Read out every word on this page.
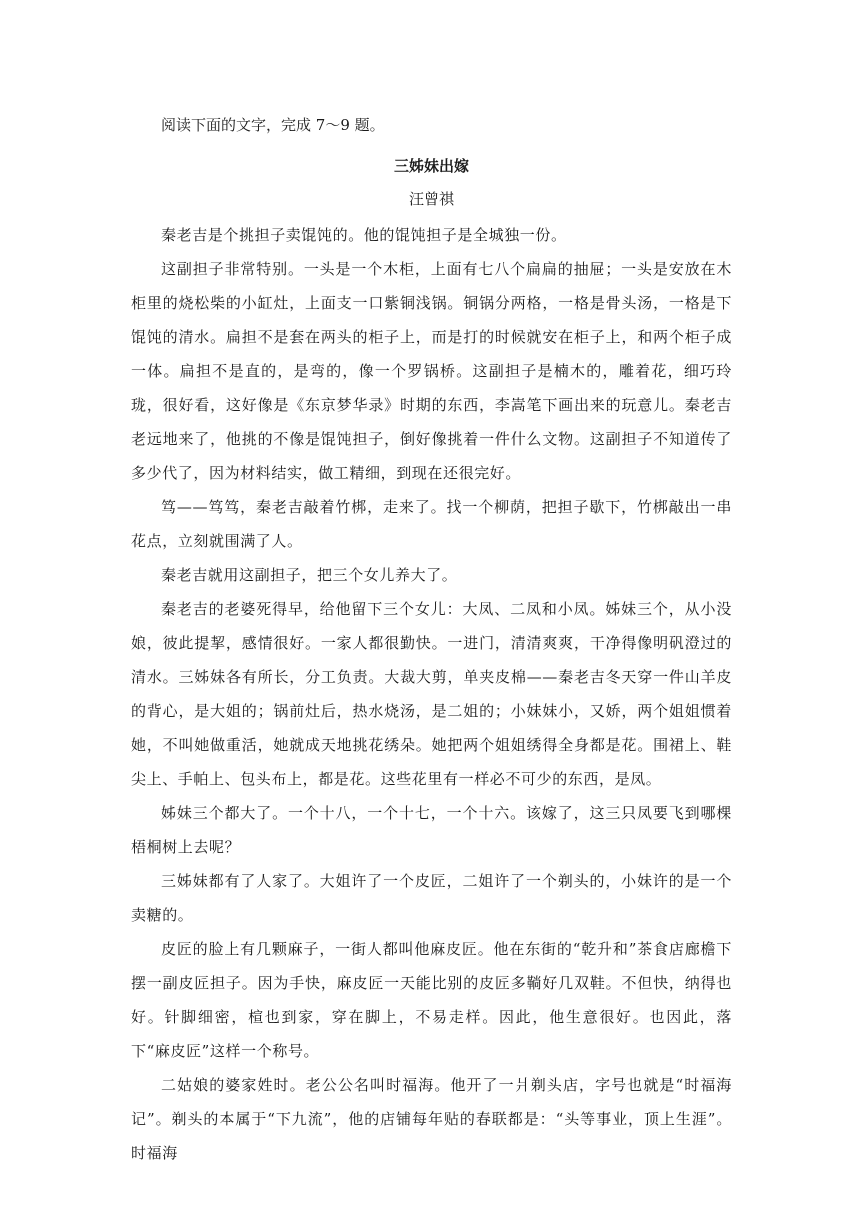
阅读下面的文字，完成 7～9 题。

三姊妹出嫁

汪曾祺

秦老吉是个挑担子卖馄饨的。他的馄饨担子是全城独一份。

这副担子非常特别。一头是一个木柜，上面有七八个扁扁的抽屉；一头是安放在木柜里的烧松柴的小缸灶，上面支一口紫铜浅锅。铜锅分两格，一格是骨头汤，一格是下馄饨的清水。扁担不是套在两头的柜子上，而是打的时候就安在柜子上，和两个柜子成一体。扁担不是直的，是弯的，像一个罗锅桥。这副担子是楠木的，雕着花，细巧玲珑，很好看，这好像是《东京梦华录》时期的东西，李嵩笔下画出来的玩意儿。秦老吉老远地来了，他挑的不像是馄饨担子，倒好像挑着一件什么文物。这副担子不知道传了多少代了，因为材料结实，做工精细，到现在还很完好。

笃——笃笃，秦老吉敲着竹梆，走来了。找一个柳荫，把担子歇下，竹梆敲出一串花点，立刻就围满了人。

秦老吉就用这副担子，把三个女儿养大了。

秦老吉的老婆死得早，给他留下三个女儿：大凤、二凤和小凤。姊妹三个，从小没娘，彼此提挈，感情很好。一家人都很勤快。一进门，清清爽爽，干净得像明矾澄过的清水。三姊妹各有所长，分工负责。大裁大剪，单夹皮棉——秦老吉冬天穿一件山羊皮的背心，是大姐的；锅前灶后，热水烧汤，是二姐的；小妹妹小，又娇，两个姐姐惯着她，不叫她做重活，她就成天地挑花绣朵。她把两个姐姐绣得全身都是花。围裙上、鞋尖上、手帕上、包头布上，都是花。这些花里有一样必不可少的东西，是凤。

姊妹三个都大了。一个十八，一个十七，一个十六。该嫁了，这三只凤要飞到哪棵梧桐树上去呢？

三姊妹都有了人家了。大姐许了一个皮匠，二姐许了一个剃头的，小妹许的是一个卖糖的。

皮匠的脸上有几颗麻子，一街人都叫他麻皮匠。他在东街的“乾升和”茶食店廊檐下摆一副皮匠担子。因为手快，麻皮匠一天能比别的皮匠多鞝好几双鞋。不但快，纳得也好。针脚细密，楦也到家，穿在脚上，不易走样。因此，他生意很好。也因此，落下“麻皮匠”这样一个称号。

二姑娘的婆家姓时。老公公名叫时福海。他开了一爿剃头店，字号也就是“时福海记”。剃头的本属于“下九流”，他的店铺每年贴的春联都是：“头等事业，顶上生涯”。时福海
